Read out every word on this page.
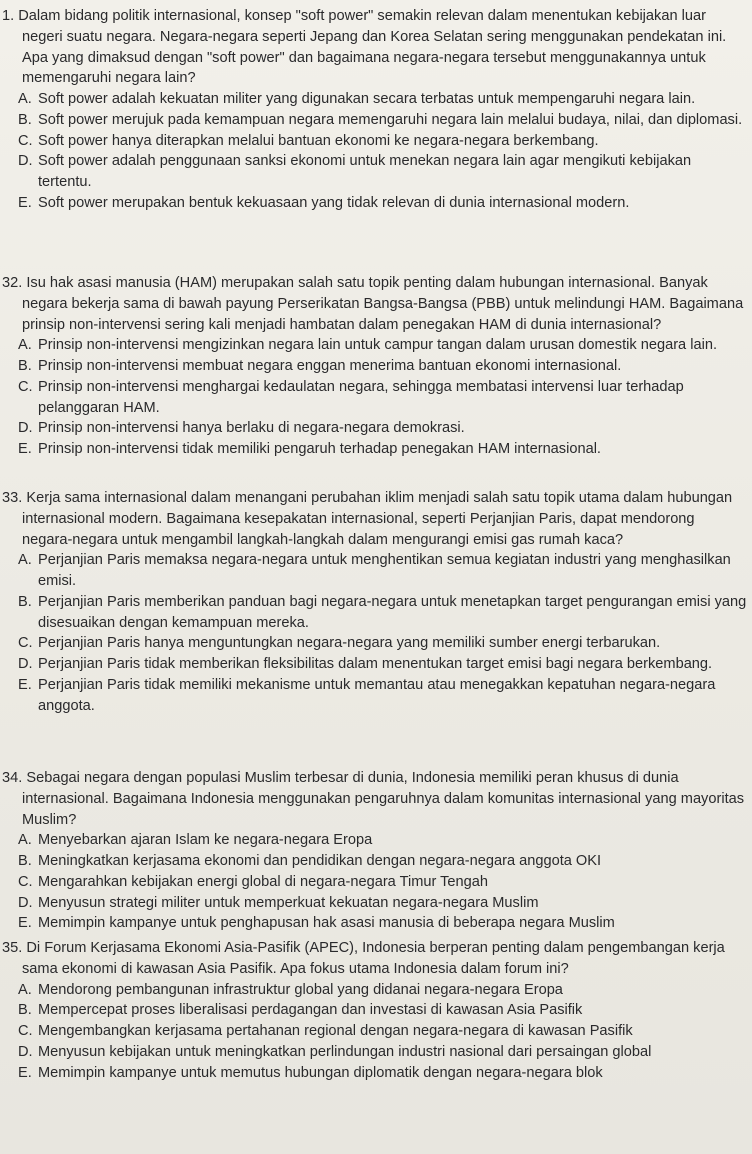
1. Dalam bidang politik internasional, konsep "soft power" semakin relevan dalam menentukan kebijakan luar negeri suatu negara. Negara-negara seperti Jepang dan Korea Selatan sering menggunakan pendekatan ini. Apa yang dimaksud dengan "soft power" dan bagaimana negara-negara tersebut menggunakannya untuk memengaruhi negara lain?

A. Soft power adalah kekuatan militer yang digunakan secara terbatas untuk mempengaruhi negara lain.
B. Soft power merujuk pada kemampuan negara memengaruhi negara lain melalui budaya, nilai, dan diplomasi.
C. Soft power hanya diterapkan melalui bantuan ekonomi ke negara-negara berkembang.
D. Soft power adalah penggunaan sanksi ekonomi untuk menekan negara lain agar mengikuti kebijakan tertentu.
E. Soft power merupakan bentuk kekuasaan yang tidak relevan di dunia internasional modern.

32. Isu hak asasi manusia (HAM) merupakan salah satu topik penting dalam hubungan internasional. Banyak negara bekerja sama di bawah payung Perserikatan Bangsa-Bangsa (PBB) untuk melindungi HAM. Bagaimana prinsip non-intervensi sering kali menjadi hambatan dalam penegakan HAM di dunia internasional?

A. Prinsip non-intervensi mengizinkan negara lain untuk campur tangan dalam urusan domestik negara lain.
B. Prinsip non-intervensi membuat negara enggan menerima bantuan ekonomi internasional.
C. Prinsip non-intervensi menghargai kedaulatan negara, sehingga membatasi intervensi luar terhadap pelanggaran HAM.
D. Prinsip non-intervensi hanya berlaku di negara-negara demokrasi.
E. Prinsip non-intervensi tidak memiliki pengaruh terhadap penegakan HAM internasional.

33. Kerja sama internasional dalam menangani perubahan iklim menjadi salah satu topik utama dalam hubungan internasional modern. Bagaimana kesepakatan internasional, seperti Perjanjian Paris, dapat mendorong negara-negara untuk mengambil langkah-langkah dalam mengurangi emisi gas rumah kaca?

A. Perjanjian Paris memaksa negara-negara untuk menghentikan semua kegiatan industri yang menghasilkan emisi.
B. Perjanjian Paris memberikan panduan bagi negara-negara untuk menetapkan target pengurangan emisi yang disesuaikan dengan kemampuan mereka.
C. Perjanjian Paris hanya menguntungkan negara-negara yang memiliki sumber energi terbarukan.
D. Perjanjian Paris tidak memberikan fleksibilitas dalam menentukan target emisi bagi negara berkembang.
E. Perjanjian Paris tidak memiliki mekanisme untuk memantau atau menegakkan kepatuhan negara-negara anggota.

34. Sebagai negara dengan populasi Muslim terbesar di dunia, Indonesia memiliki peran khusus di dunia internasional. Bagaimana Indonesia menggunakan pengaruhnya dalam komunitas internasional yang mayoritas Muslim?

A. Menyebarkan ajaran Islam ke negara-negara Eropa
B. Meningkatkan kerjasama ekonomi dan pendidikan dengan negara-negara anggota OKI
C. Mengarahkan kebijakan energi global di negara-negara Timur Tengah
D. Menyusun strategi militer untuk memperkuat kekuatan negara-negara Muslim
E. Memimpin kampanye untuk penghapusan hak asasi manusia di beberapa negara Muslim

35. Di Forum Kerjasama Ekonomi Asia-Pasifik (APEC), Indonesia berperan penting dalam pengembangan kerja sama ekonomi di kawasan Asia Pasifik. Apa fokus utama Indonesia dalam forum ini?

A. Mendorong pembangunan infrastruktur global yang didanai negara-negara Eropa
B. Mempercepat proses liberalisasi perdagangan dan investasi di kawasan Asia Pasifik
C. Mengembangkan kerjasama pertahanan regional dengan negara-negara di kawasan Pasifik
D. Menyusun kebijakan untuk meningkatkan perlindungan industri nasional dari persaingan global
E. Memimpin kampanye untuk memutus hubungan diplomatik dengan negara-negara blok
